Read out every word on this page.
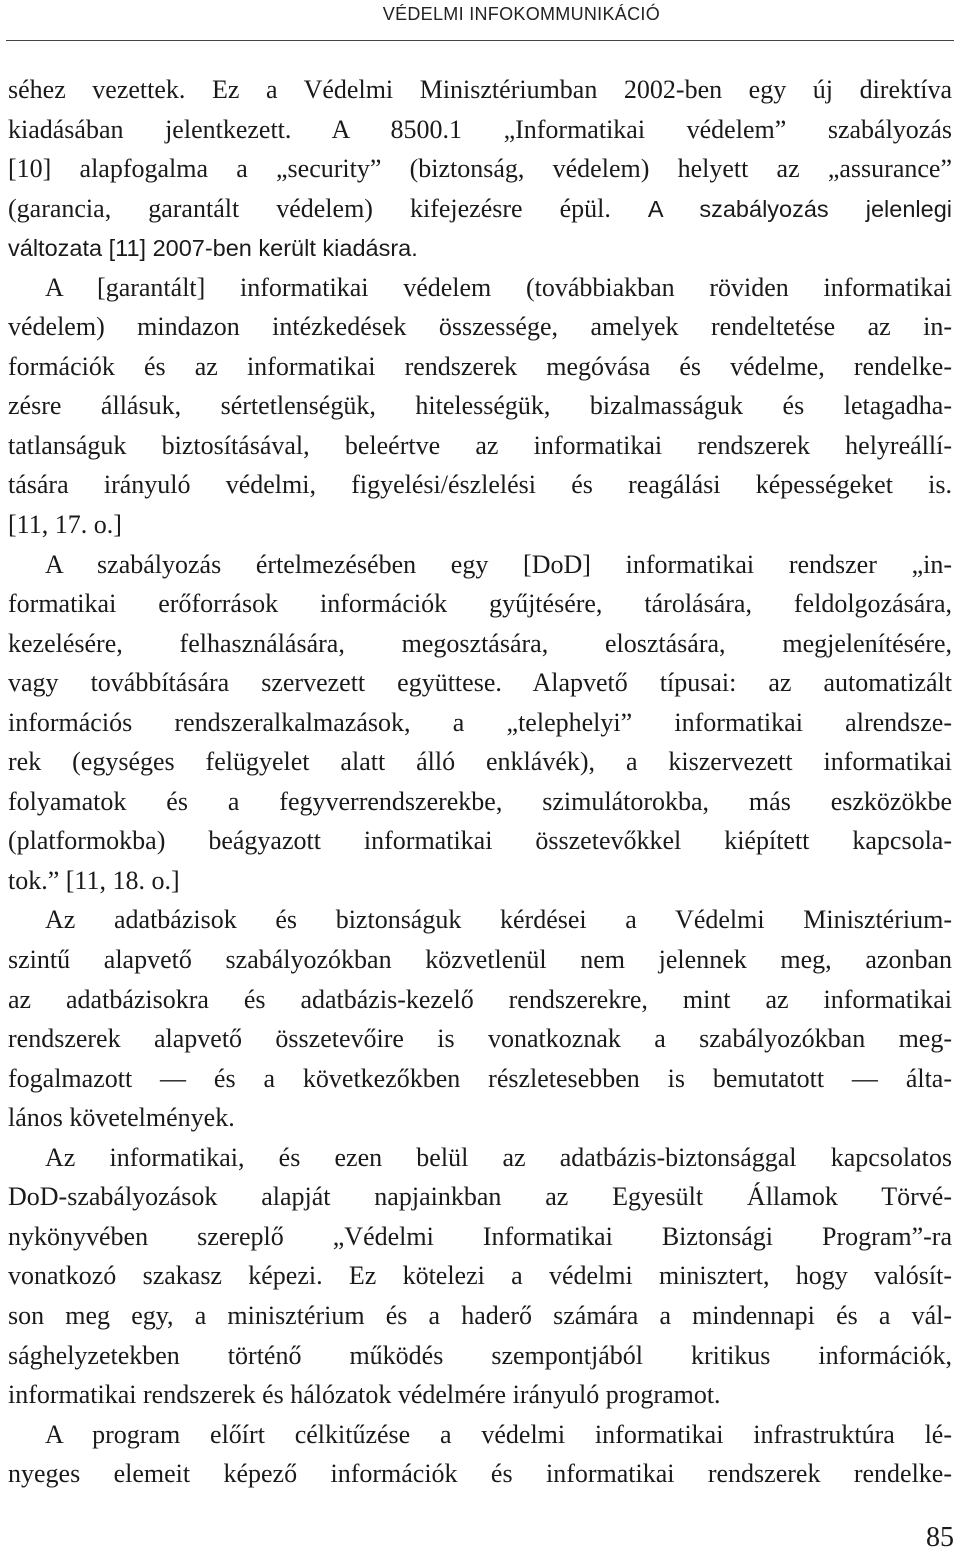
VÉDELMI INFOKOMMUNIKÁCIÓ
séhez vezettek. Ez a Védelmi Minisztériumban 2002-ben egy új direktíva
kiadásában jelentkezett. A 8500.1 „Informatikai védelem” szabályozás
[10] alapfogalma a „security” (biztonság, védelem) helyett az „assurance”
(garancia, garantált védelem) kifejezésre épül. A szabályozás jelenlegi
változata [11] 2007-ben került kiadásra.
A [garantált] informatikai védelem (továbbiakban röviden informatikai
védelem) mindazon intézkedések összessége, amelyek rendeltetése az in-
formációk és az informatikai rendszerek megóvása és védelme, rendelke-
zésre állásuk, sértetlenségük, hitelességük, bizalmasságuk és letagadha-
tatlanságuk biztosításával, beleértve az informatikai rendszerek helyreállí-
tására irányuló védelmi, figyelési/észlelési és reagálási képességeket is.
[11, 17. o.]
A szabályozás értelmezésében egy [DoD] informatikai rendszer „in-
formatikai erőforrások információk gyűjtésére, tárolására, feldolgozására,
kezelésére, felhasználására, megosztására, elosztására, megjelenítésére,
vagy továbbítására szervezett együttese. Alapvető típusai: az automatizált
információs rendszeralkalmazások, a „telephelyi” informatikai alrendsze-
rek (egységes felügyelet alatt álló enklávék), a kiszervezett informatikai
folyamatok és a fegyverrendszerekbe, szimulátorokba, más eszközökbe
(platformokba) beágyazott informatikai összetevőkkel kiépített kapcsola-
tok.” [11, 18. o.]
Az adatbázisok és biztonságuk kérdései a Védelmi Minisztérium-
szintű alapvető szabályozókban közvetlenül nem jelennek meg, azonban
az adatbázisokra és adatbázis-kezelő rendszerekre, mint az informatikai
rendszerek alapvető összetevőire is vonatkoznak a szabályozókban meg-
fogalmazott — és a következőkben részletesebben is bemutatott — álta-
lános követelmények.
Az informatikai, és ezen belül az adatbázis-biztonsággal kapcsolatos
DoD-szabályozások alapját napjainkban az Egyesült Államok Törvé-
nykönyvében szereplő „Védelmi Informatikai Biztonsági Program”-ra
vonatkozó szakasz képezi. Ez kötelezi a védelmi minisztert, hogy valósít-
son meg egy, a minisztérium és a haderő számára a mindennapi és a vál-
sághelyzetekben történő működés szempontjából kritikus információk,
informatikai rendszerek és hálózatok védelmére irányuló programot.
A program előírt célkitűzése a védelmi informatikai infrastruktúra lé-
nyeges elemeit képező információk és informatikai rendszerek rendelke-
85
